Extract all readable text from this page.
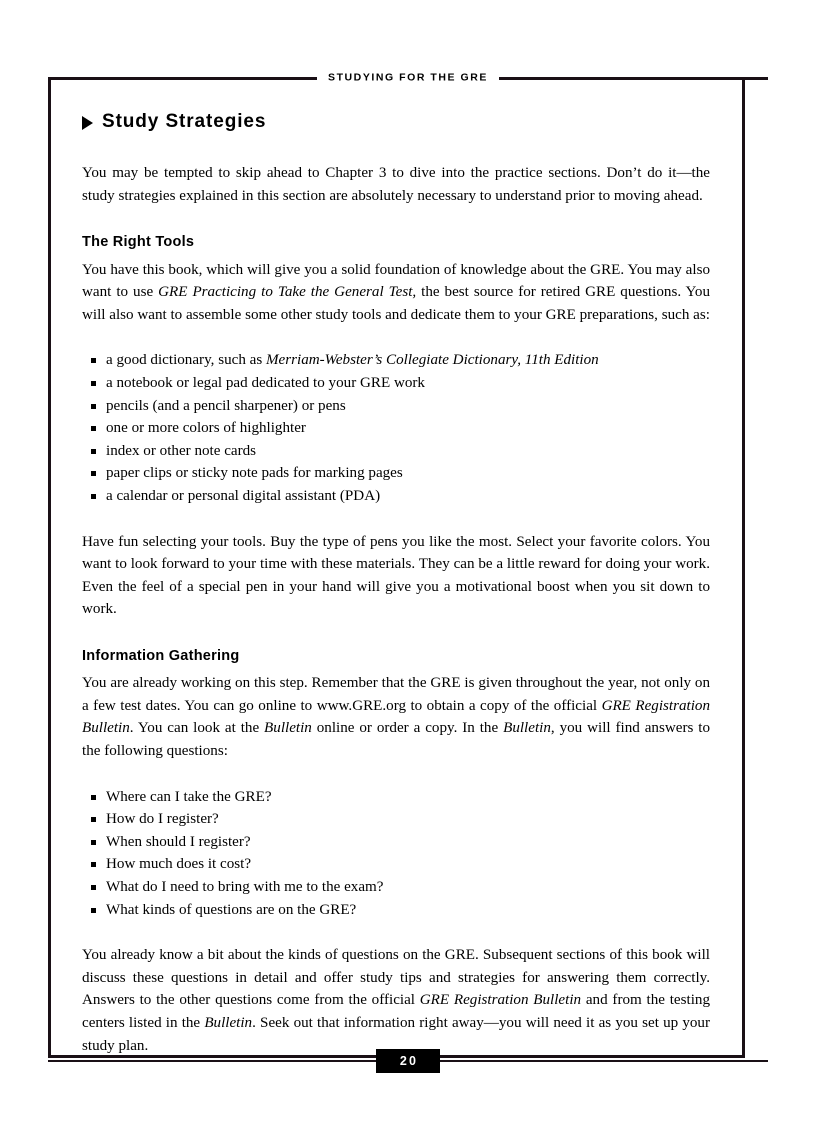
STUDYING FOR THE GRE
Study Strategies

You may be tempted to skip ahead to Chapter 3 to dive into the practice sections. Don’t do it—the study strategies explained in this section are absolutely necessary to understand prior to moving ahead.

The Right Tools

You have this book, which will give you a solid foundation of knowledge about the GRE. You may also want to use GRE Practicing to Take the General Test, the best source for retired GRE questions. You will also want to assemble some other study tools and dedicate them to your GRE preparations, such as:

a good dictionary, such as Merriam-Webster’s Collegiate Dictionary, 11th Edition
a notebook or legal pad dedicated to your GRE work
pencils (and a pencil sharpener) or pens
one or more colors of highlighter
index or other note cards
paper clips or sticky note pads for marking pages
a calendar or personal digital assistant (PDA)

Have fun selecting your tools. Buy the type of pens you like the most. Select your favorite colors. You want to look forward to your time with these materials. They can be a little reward for doing your work. Even the feel of a special pen in your hand will give you a motivational boost when you sit down to work.

Information Gathering

You are already working on this step. Remember that the GRE is given throughout the year, not only on a few test dates. You can go online to www.GRE.org to obtain a copy of the official GRE Registration Bulletin. You can look at the Bulletin online or order a copy. In the Bulletin, you will find answers to the following questions:

Where can I take the GRE?
How do I register?
When should I register?
How much does it cost?
What do I need to bring with me to the exam?
What kinds of questions are on the GRE?

You already know a bit about the kinds of questions on the GRE. Subsequent sections of this book will discuss these questions in detail and offer study tips and strategies for answering them correctly. Answers to the other questions come from the official GRE Registration Bulletin and from the testing centers listed in the Bulletin. Seek out that information right away—you will need it as you set up your study plan.

20
